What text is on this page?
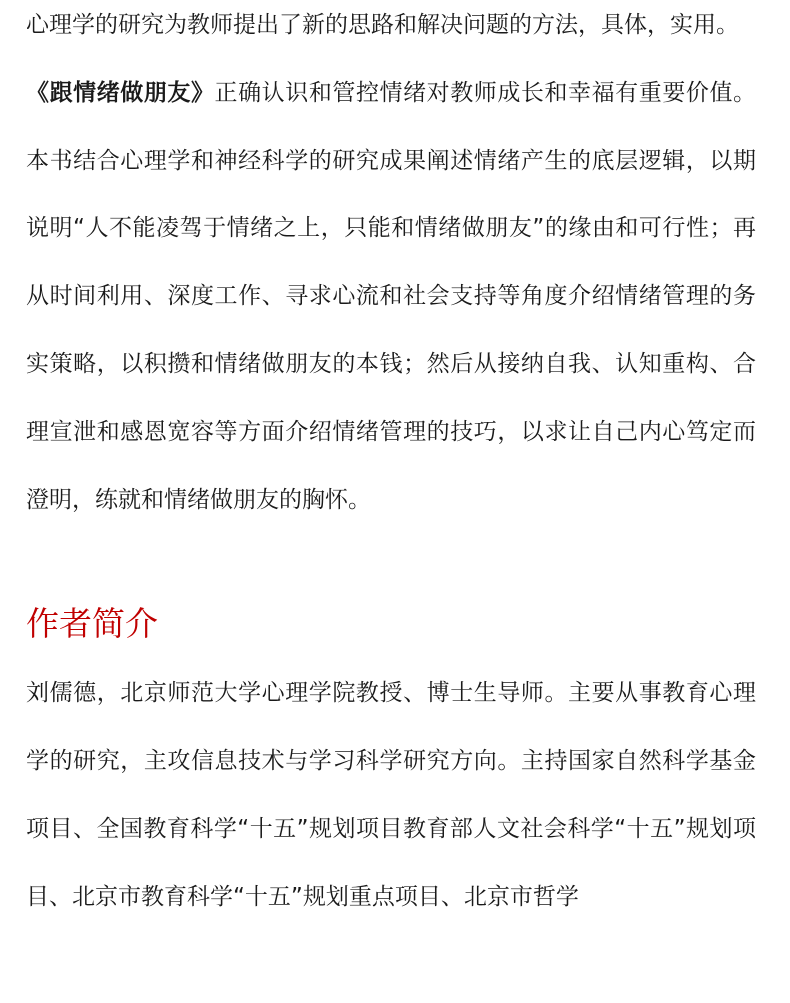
心理学的研究为教师提出了新的思路和解决问题的方法，具体，实用。

《跟情绪做朋友》正确认识和管控情绪对教师成长和幸福有重要价值。本书结合心理学和神经科学的研究成果阐述情绪产生的底层逻辑，以期说明“人不能凌驾于情绪之上，只能和情绪做朋友”的缘由和可行性；再从时间利用、深度工作、寻求心流和社会支持等角度介绍情绪管理的务实策略，以积攒和情绪做朋友的本钱；然后从接纳自我、认知重构、合理宣泄和感恩宽容等方面介绍情绪管理的技巧，以求让自己内心笃定而澄明，练就和情绪做朋友的胸怀。

作者简介

刘儒德，北京师范大学心理学院教授、博士生导师。主要从事教育心理学的研究，主攻信息技术与学习科学研究方向。主持国家自然科学基金项目、全国教育科学“十五”规划项目教育部人文社会科学“十五”规划项目、北京市教育科学“十五”规划重点项目、北京市哲学
